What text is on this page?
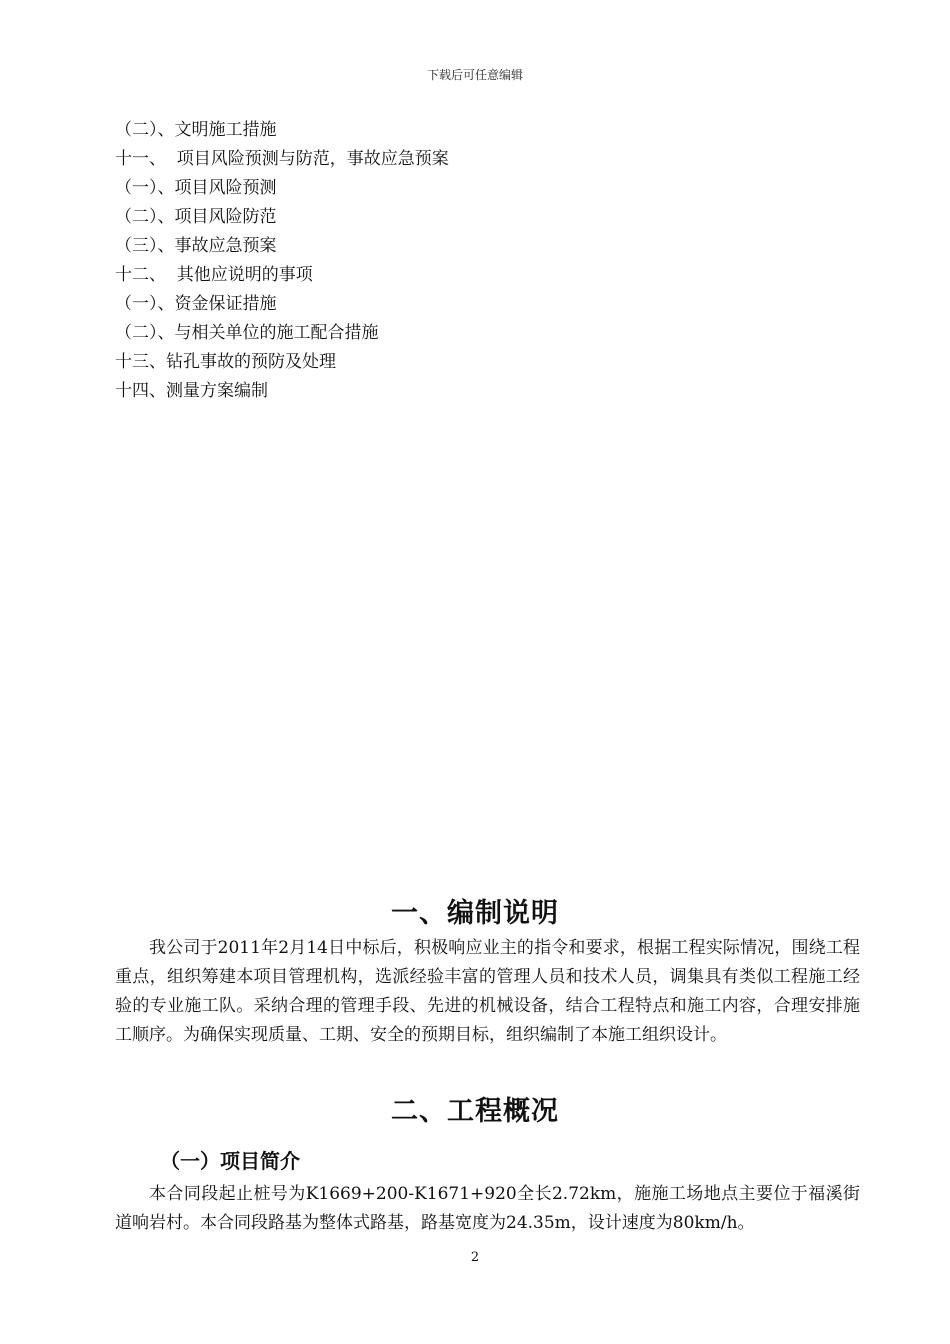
下载后可任意编辑
（二）、文明施工措施
十一、  项目风险预测与防范，事故应急预案
（一）、项目风险预测
（二）、项目风险防范
（三）、事故应急预案
十二、  其他应说明的事项
（一）、资金保证措施
（二）、与相关单位的施工配合措施
十三、钻孔事故的预防及处理
十四、测量方案编制
一、编制说明
我公司于2011年2月14日中标后，积极响应业主的指令和要求，根据工程实际情况，围绕工程重点，组织筹建本项目管理机构，选派经验丰富的管理人员和技术人员，调集具有类似工程施工经验的专业施工队。采纳合理的管理手段、先进的机械设备，结合工程特点和施工内容，合理安排施工顺序。为确保实现质量、工期、安全的预期目标，组织编制了本施工组织设计。
二、工程概况
（一）项目简介
本合同段起止桩号为K1669+200-K1671+920全长2.72km，施施工场地点主要位于福溪街道响岩村。本合同段路基为整体式路基，路基宽度为24.35m，设计速度为80km/h。
2
